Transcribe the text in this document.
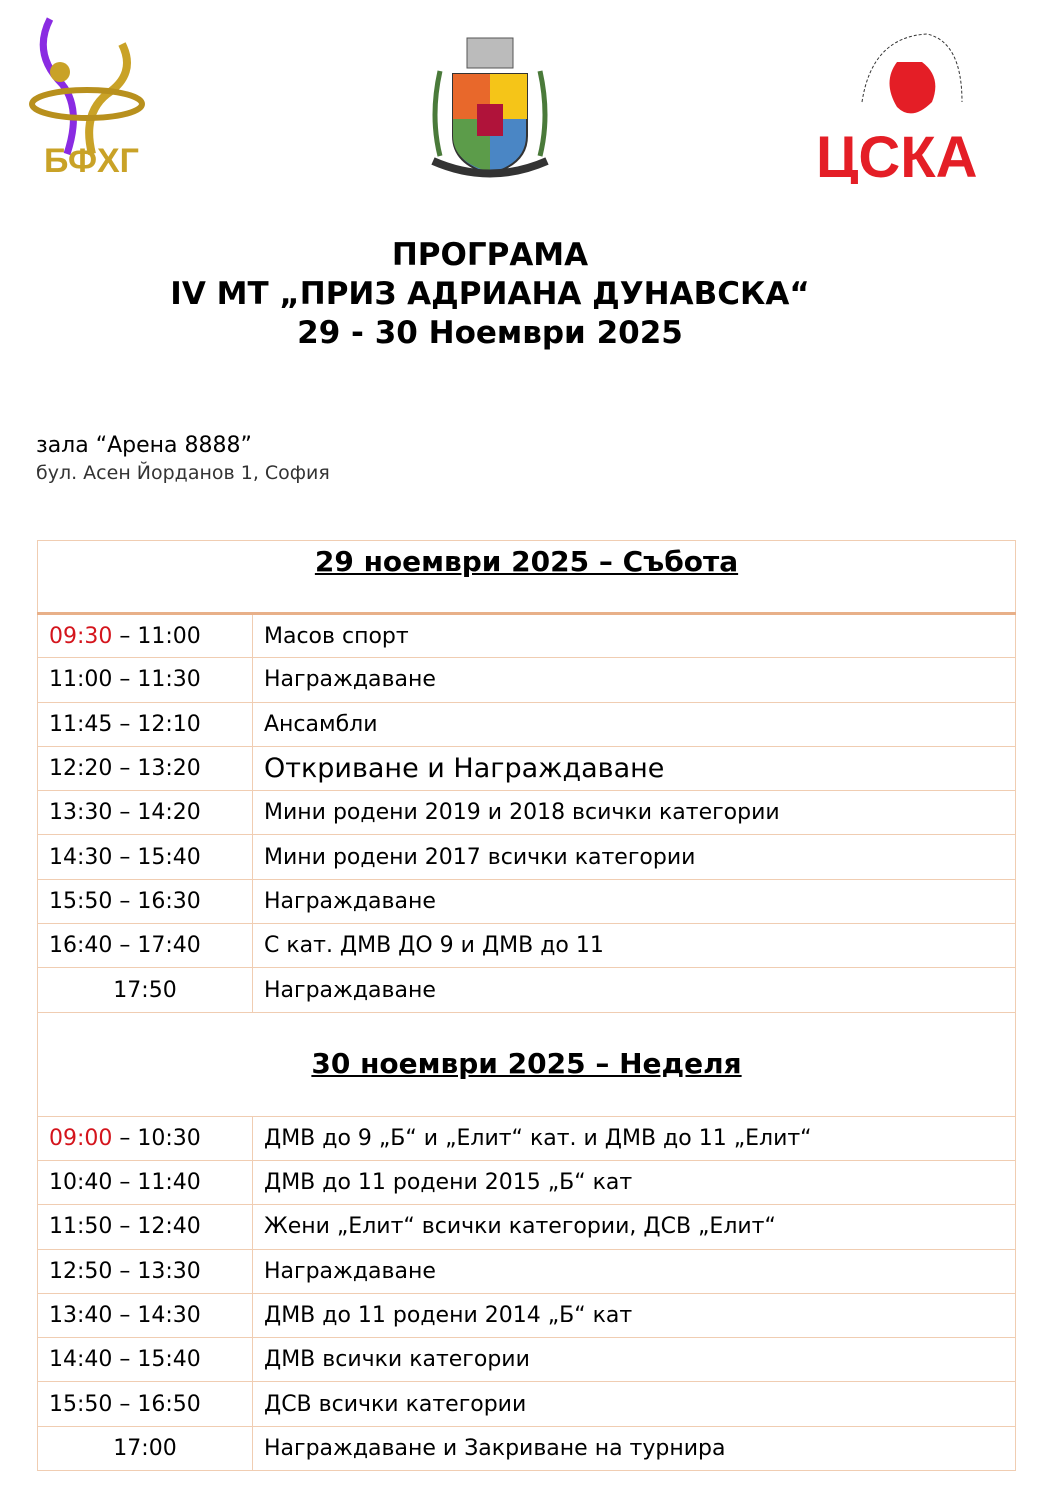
БФХГ	ЦСКА
ПРОГРАМА
IV МТ „ПРИЗ АДРИАНА ДУНАВСКА“
29 - 30 Ноември 2025
зала “Арена 8888”
бул. Асен Йорданов 1, София
29 ноември 2025 – Събота	
09:30 – 11:00	Масов спорт
11:00 – 11:30	Награждаване
11:45 – 12:10	Ансамбли
12:20 – 13:20	Откриване и Награждаване
13:30 – 14:20	Мини родени 2019 и 2018 всички категории
14:30 – 15:40	Мини родени 2017 всички категории
15:50 – 16:30	Награждаване
16:40 – 17:40	С кат. ДМВ ДО 9 и ДМВ до 11
17:50	Награждаване
30 ноември 2025 – Неделя	
09:00 – 10:30	ДМВ до 9 „Б“ и „Елит“ кат. и ДМВ до 11 „Елит“
10:40 – 11:40	ДМВ до 11 родени 2015 „Б“ кат
11:50 – 12:40	Жени „Елит“ всички категории, ДСВ „Елит“
12:50 – 13:30	Награждаване
13:40 – 14:30	ДМВ до 11 родени 2014 „Б“ кат
14:40 – 15:40	ДМВ всички категории
15:50 – 16:50	ДСВ всички категории
17:00	Награждаване и Закриване на турнира
